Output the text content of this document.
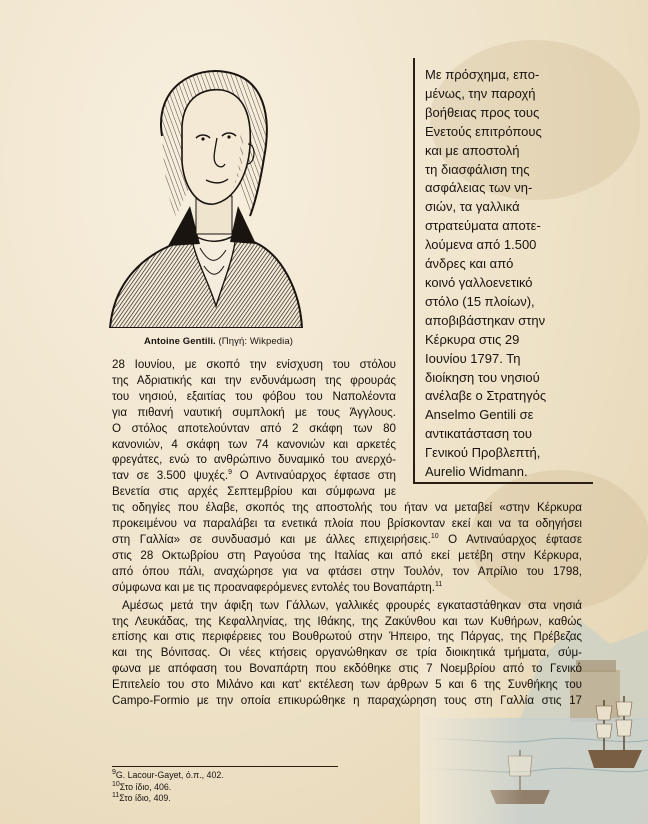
Antoine Gentili. (Πηγή: Wikpedia)
Με πρόσχημα, επο-
μένως, την παροχή
βοήθειας προς τους
Ενετούς επιτρόπους
και με αποστολή
τη διασφάλιση της
ασφάλειας των νη-
σιών, τα γαλλικά
στρατεύματα αποτε-
λούμενα από 1.500
άνδρες και από
κοινό γαλλοενετικό
στόλο (15 πλοίων),
αποβιβάστηκαν στην
Κέρκυρα στις 29
Ιουνίου 1797. Τη
διοίκηση του νησιού
ανέλαβε ο Στρατηγός
Anselmo Gentili σε
αντικατάσταση του
Γενικού Προβλεπτή,
Aurelio Widmann.
28 Ιουνίου, με σκοπό την ενίσχυση του στόλου
της Αδριατικής και την ενδυνάμωση της φρουράς
του νησιού, εξαιτίας του φόβου του Ναπολέοντα
για πιθανή ναυτική συμπλοκή με τους Άγγλους.
Ο στόλος αποτελούνταν από 2 σκάφη των 80
κανονιών, 4 σκάφη των 74 κανονιών και αρκετές
φρεγάτες, ενώ το ανθρώπινο δυναμικό του ανερχό-
ταν σε 3.500 ψυχές.$^9$ Ο Αντιναύαρχος έφτασε στη
Βενετία στις αρχές Σεπτεμβρίου και σύμφωνα με
τις οδηγίες που έλαβε, σκοπός της αποστολής του ήταν να μεταβεί «στην Κέρκυρα
προκειμένου να παραλάβει τα ενετικά πλοία που βρίσκονταν εκεί και να τα οδηγήσει
στη Γαλλία» σε συνδυασμό και με άλλες επιχειρήσεις.$^{10}$ Ο Αντιναύαρχος έφτασε
στις 28 Οκτωβρίου στη Ραγούσα της Ιταλίας και από εκεί μετέβη στην Κέρκυρα,
από όπου πάλι, αναχώρησε για να φτάσει στην Τουλόν, τον Απρίλιο του 1798,
σύμφωνα και με τις προαναφερόμενες εντολές του Βοναπάρτη.$^{11}$
Αμέσως μετά την άφιξη των Γάλλων, γαλλικές φρουρές εγκαταστάθηκαν στα νησιά
της Λευκάδας, της Κεφαλληνίας, της Ιθάκης, της Ζακύνθου και των Κυθήρων, καθώς
επίσης και στις περιφέρειες του Βουθρωτού στην Ήπειρο, της Πάργας, της Πρέβεζας
και της Βόνιτσας. Οι νέες κτήσεις οργανώθηκαν σε τρία διοικητικά τμήματα, σύμ-
φωνα με απόφαση του Βοναπάρτη που εκδόθηκε στις 7 Νοεμβρίου από το Γενικό
Επιτελείο του στο Μιλάνο και κατ' εκτέλεση των άρθρων 5 και 6 της Συνθήκης του
Campo-Formio με την οποία επικυρώθηκε η παραχώρηση τους στη Γαλλία στις 17
$^9$G. Lacour-Gayet, ό.π., 402.
$^{10}$Στο ίδιο, 406.
$^{11}$Στο ίδιο, 409.
